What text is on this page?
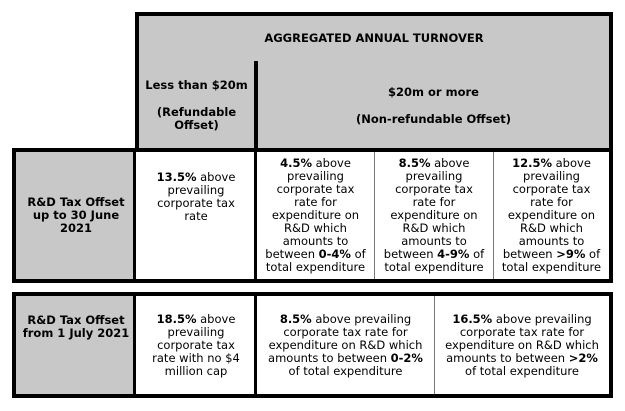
AGGREGATED ANNUAL TURNOVER
Less than $20m
(Refundable Offset)
$20m or more
(Non-refundable Offset)
R&D Tax Offset up to 30 June 2021
13.5% above prevailing corporate tax rate
4.5% above prevailing corporate tax rate for expenditure on R&D which amounts to between 0-4% of total expenditure
8.5% above prevailing corporate tax rate for expenditure on R&D which amounts to between 4-9% of total expenditure
12.5% above prevailing corporate tax rate for expenditure on R&D which amounts to between >9% of total expenditure
R&D Tax Offset from 1 July 2021
18.5% above prevailing corporate tax rate with no $4 million cap
8.5% above prevailing corporate tax rate for expenditure on R&D which amounts to between 0-2% of total expenditure
16.5% above prevailing corporate tax rate for expenditure on R&D which amounts to between >2% of total expenditure
